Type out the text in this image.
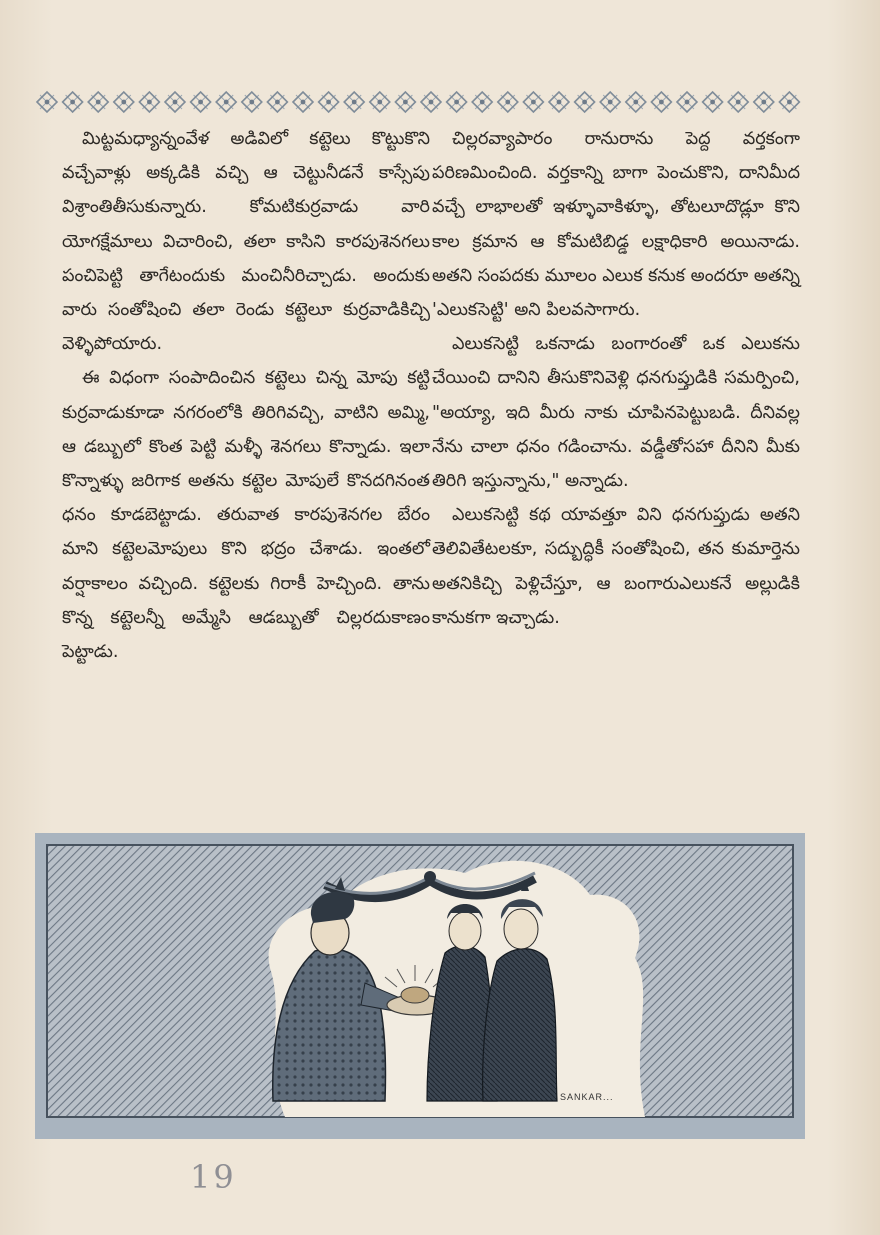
మిట్టమధ్యాన్నంవేళ అడివిలో కట్టెలు కొట్టుకొని వచ్చేవాళ్లు అక్కడికి వచ్చి ఆ చెట్టునీడనే కాస్సేపు విశ్రాంతితీసుకున్నారు. కోమటికుర్రవాడు వారి యోగక్షేమాలు విచారించి, తలా కాసిని కారపుశెనగలు పంచిపెట్టి తాగేటందుకు మంచినీరిచ్చాడు. అందుకు వారు సంతోషించి తలా రెండు కట్టెలూ కుర్రవాడికిచ్చి వెళ్ళిపోయారు.

ఈ విధంగా సంపాదించిన కట్టెలు చిన్న మోపు కట్టి కుర్రవాడుకూడా నగరంలోకి తిరిగివచ్చి, వాటిని అమ్మి, ఆ డబ్బులో కొంత పెట్టి మళ్ళీ శెనగలు కొన్నాడు. ఇలా కొన్నాళ్ళు జరిగాక అతను కట్టెల మోపులే కొనదగినంత ధనం కూడబెట్టాడు. తరువాత కారపుశెనగల బేరం మాని కట్టెలమోపులు కొని భద్రం చేశాడు. ఇంతలో వర్షాకాలం వచ్చింది. కట్టెలకు గిరాకీ హెచ్చింది. తాను కొన్న కట్టెలన్నీ అమ్మేసి ఆడబ్బుతో చిల్లరదుకాణం పెట్టాడు.

చిల్లరవ్యాపారం రానురాను పెద్ద వర్తకంగా పరిణమించింది. వర్తకాన్ని బాగా పెంచుకొని, దానిమీద వచ్చే లాభాలతో ఇళ్ళూవాకిళ్ళూ, తోటలూదొడ్లూ కొని కాల క్రమాన ఆ కోమటిబిడ్డ లక్షాధికారి అయినాడు. అతని సంపదకు మూలం ఎలుక కనుక అందరూ అతన్ని 'ఎలుకసెట్టి' అని పిలవసాగారు.

ఎలుకసెట్టి ఒకనాడు బంగారంతో ఒక ఎలుకను చేయించి దానిని తీసుకొనివెళ్లి ధనగుప్తుడికి సమర్పించి, "అయ్యా, ఇది మీరు నాకు చూపినపెట్టుబడి. దీనివల్ల నేను చాలా ధనం గడించాను. వడ్డీతోసహా దీనిని మీకు తిరిగి ఇస్తున్నాను," అన్నాడు.

ఎలుకసెట్టి కథ యావత్తూ విని ధనగుప్తుడు అతని తెలివితేటలకూ, సద్బుద్ధికీ సంతోషించి, తన కుమార్తెను అతనికిచ్చి పెళ్లిచేస్తూ, ఆ బంగారుఎలుకనే అల్లుడికి కానుకగా ఇచ్చాడు.

SANKAR...
19
